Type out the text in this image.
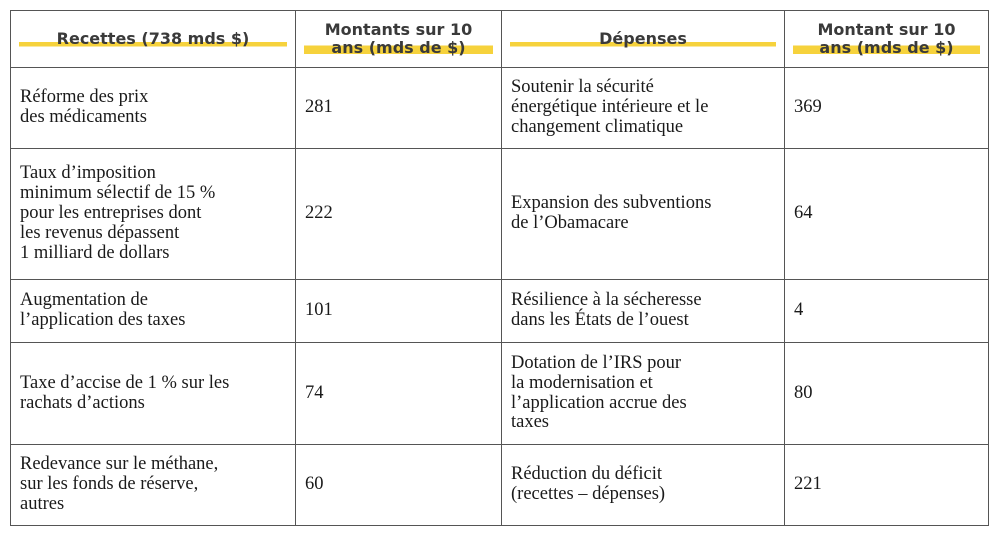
Recettes (738 mds $)	Montants sur 10
ans (mds de $)	Dépenses	Montant sur 10
ans (mds de $)

Réforme des prix
des médicaments	281	Soutenir la sécurité
énergétique intérieure et le
changement climatique	369

Taux d’imposition
minimum sélectif de 15 %
pour les entreprises dont
les revenus dépassent
1 milliard de dollars	222	Expansion des subventions
de l’Obamacare	64

Augmentation de
l’application des taxes	101	Résilience à la sécheresse
dans les États de l’ouest	4

Taxe d’accise de 1 % sur les
rachats d’actions	74	Dotation de l’IRS pour
la modernisation et
l’application accrue des
taxes	80

Redevance sur le méthane,
sur les fonds de réserve,
autres	60	Réduction du déficit
(recettes – dépenses)	221
